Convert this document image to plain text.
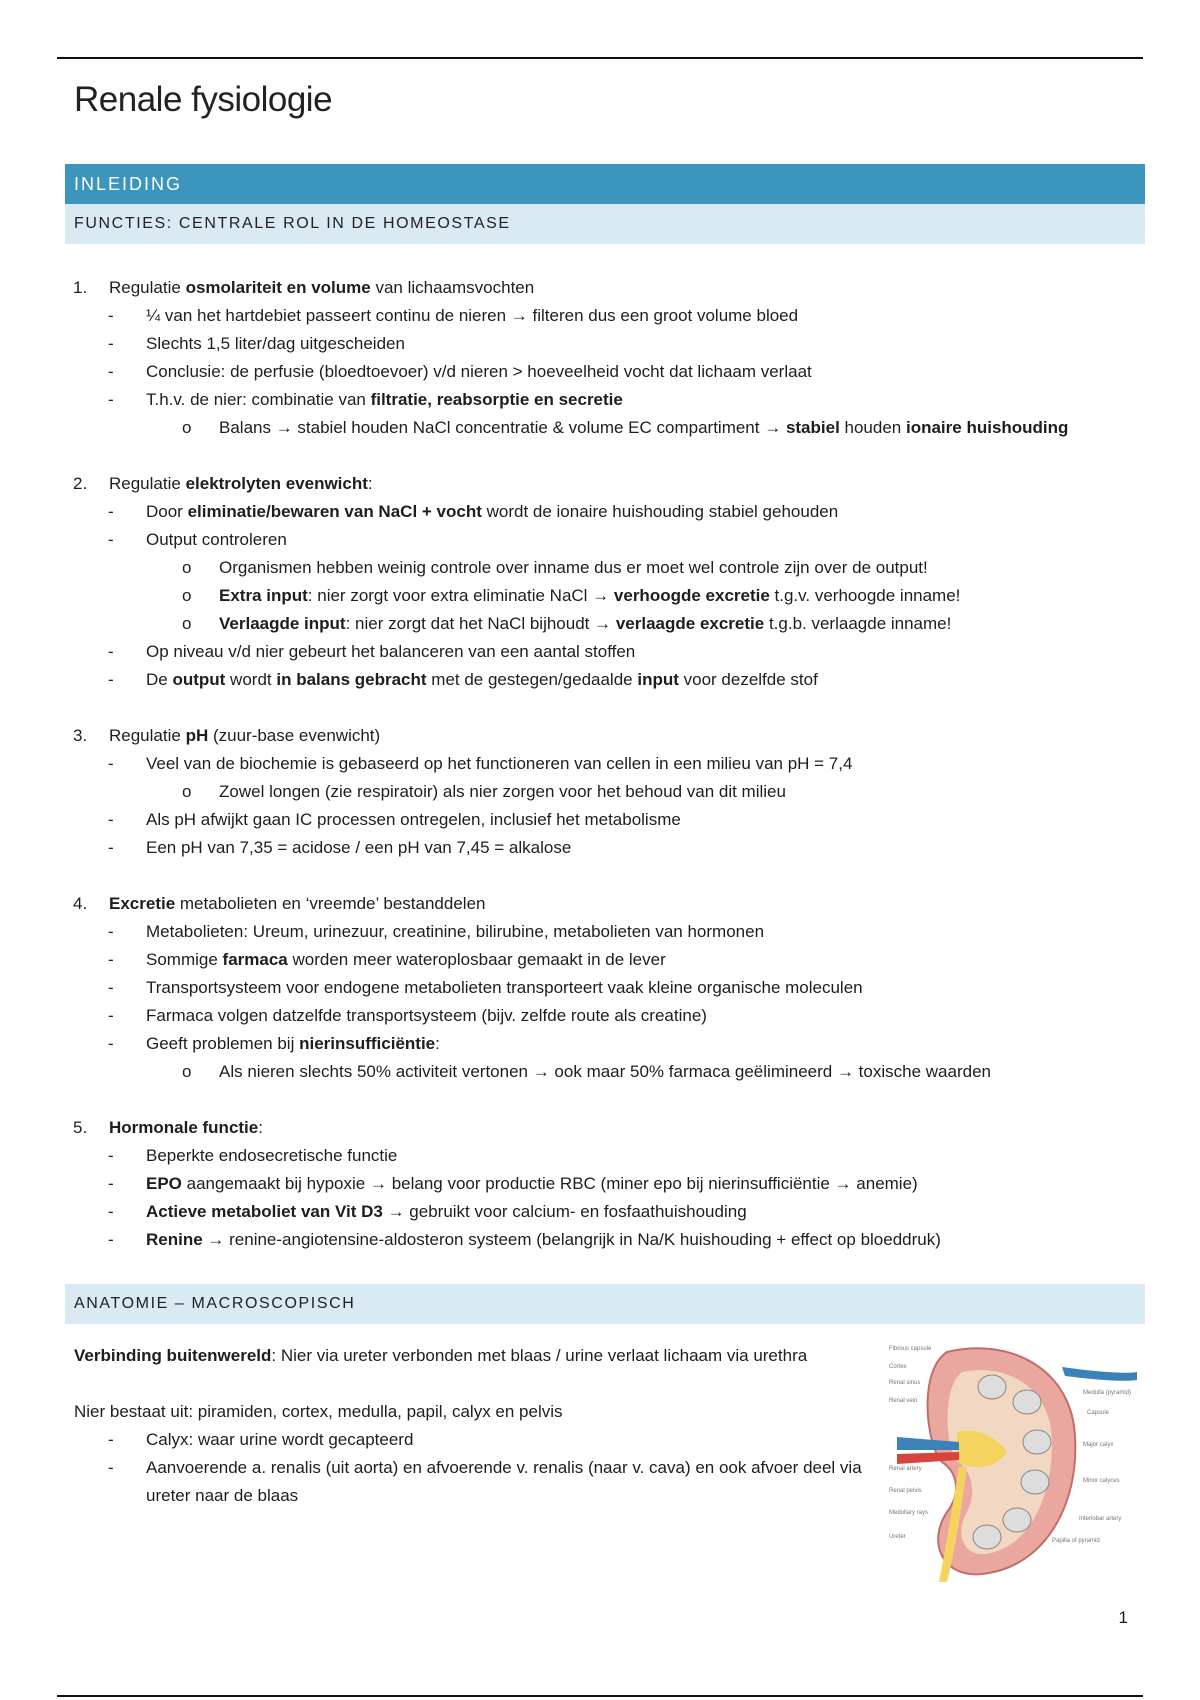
Renale fysiologie
INLEIDING
FUNCTIES: CENTRALE ROL IN DE HOMEOSTASE
1. Regulatie osmolariteit en volume van lichaamsvochten
- ¼ van het hartdebiet passeert continu de nieren → filteren dus een groot volume bloed
- Slechts 1,5 liter/dag uitgescheiden
- Conclusie: de perfusie (bloedtoevoer) v/d nieren > hoeveelheid vocht dat lichaam verlaat
- T.h.v. de nier: combinatie van filtratie, reabsorptie en secretie
o Balans → stabiel houden NaCl concentratie & volume EC compartiment → stabiel houden ionaire huishouding
2. Regulatie elektrolyten evenwicht:
- Door eliminatie/bewaren van NaCl + vocht wordt de ionaire huishouding stabiel gehouden
- Output controleren
o Organismen hebben weinig controle over inname dus er moet wel controle zijn over de output!
o Extra input: nier zorgt voor extra eliminatie NaCl → verhoogde excretie t.g.v. verhoogde inname!
o Verlaagde input: nier zorgt dat het NaCl bijhoudt → verlaagde excretie t.g.b. verlaagde inname!
- Op niveau v/d nier gebeurt het balanceren van een aantal stoffen
- De output wordt in balans gebracht met de gestegen/gedaalde input voor dezelfde stof
3. Regulatie pH (zuur-base evenwicht)
- Veel van de biochemie is gebaseerd op het functioneren van cellen in een milieu van pH = 7,4
o Zowel longen (zie respiratoir) als nier zorgen voor het behoud van dit milieu
- Als pH afwijkt gaan IC processen ontregelen, inclusief het metabolisme
- Een pH van 7,35 = acidose / een pH van 7,45 = alkalose
4. Excretie metabolieten en ‘vreemde’ bestanddelen
- Metabolieten: Ureum, urinezuur, creatinine, bilirubine, metabolieten van hormonen
- Sommige farmaca worden meer wateroplosbaar gemaakt in de lever
- Transportsysteem voor endogene metabolieten transporteert vaak kleine organische moleculen
- Farmaca volgen datzelfde transportsysteem (bijv. zelfde route als creatine)
- Geeft problemen bij nierinsufficiëntie:
o Als nieren slechts 50% activiteit vertonen → ook maar 50% farmaca geëlimineerd → toxische waarden
5. Hormonale functie:
- Beperkte endosecretische functie
- EPO aangemaakt bij hypoxie → belang voor productie RBC (miner epo bij nierinsufficiëntie → anemie)
- Actieve metaboliet van Vit D3 → gebruikt voor calcium- en fosfaathuishouding
- Renine → renine-angiotensine-aldosteron systeem (belangrijk in Na/K huishouding + effect op bloeddruk)
ANATOMIE – MACROSCOPISCH
Verbinding buitenwereld: Nier via ureter verbonden met blaas / urine verlaat lichaam via urethra
Nier bestaat uit: piramiden, cortex, medulla, papil, calyx en pelvis
- Calyx: waar urine wordt gecapteerd
- Aanvoerende a. renalis (uit aorta) en afvoerende v. renalis (naar v. cava) en ook afvoer deel via ureter naar de blaas
Fibrous capsule
Cortex
Renal sinus
Renal vein
Renal artery
Renal pelvis
Medullary rays
Ureter
Medulla (pyramid)
Capsule
Major calyx
Minor calyces
Interlobar artery
Papilla of pyramid
1
